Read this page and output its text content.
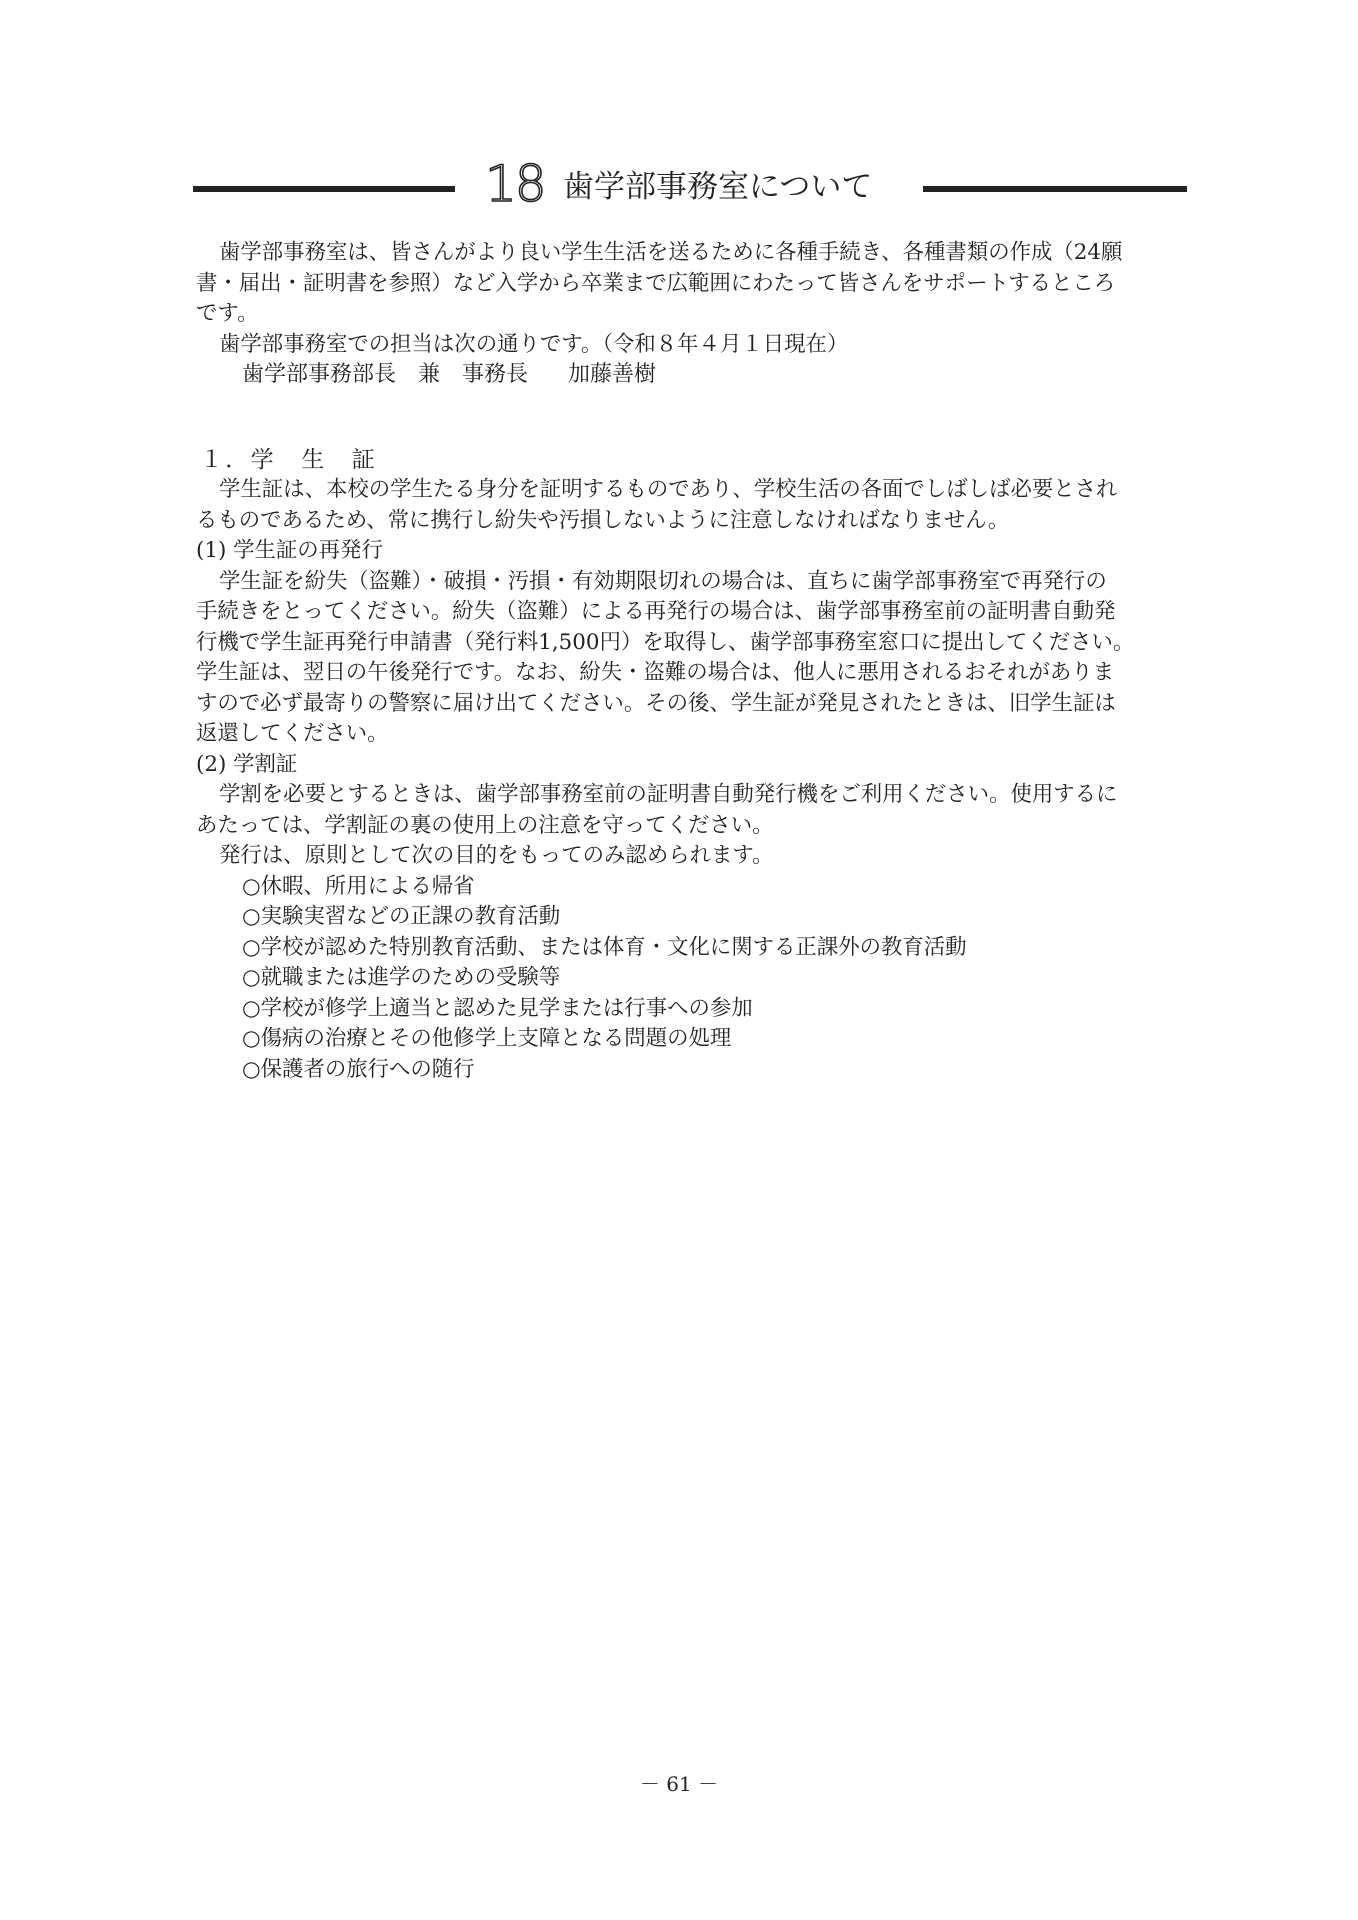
18 歯学部事務室について
歯学部事務室は、皆さんがより良い学生生活を送るために各種手続き、各種書類の作成（24願
書・届出・証明書を参照）など入学から卒業まで広範囲にわたって皆さんをサポートするところ
です。
歯学部事務室での担当は次の通りです。（令和８年４月１日現在）
歯学部事務部長 兼 事務長 加藤善樹
１．学　生　証
学生証は、本校の学生たる身分を証明するものであり、学校生活の各面でしばしば必要とされ
るものであるため、常に携行し紛失や汚損しないように注意しなければなりません。
(1) 学生証の再発行
学生証を紛失（盗難）・破損・汚損・有効期限切れの場合は、直ちに歯学部事務室で再発行の
手続きをとってください。紛失（盗難）による再発行の場合は、歯学部事務室前の証明書自動発
行機で学生証再発行申請書（発行料1,500円）を取得し、歯学部事務室窓口に提出してください。
学生証は、翌日の午後発行です。なお、紛失・盗難の場合は、他人に悪用されるおそれがありま
すので必ず最寄りの警察に届け出てください。その後、学生証が発見されたときは、旧学生証は
返還してください。
(2) 学割証
学割を必要とするときは、歯学部事務室前の証明書自動発行機をご利用ください。使用するに
あたっては、学割証の裏の使用上の注意を守ってください。
発行は、原則として次の目的をもってのみ認められます。
○休暇、所用による帰省
○実験実習などの正課の教育活動
○学校が認めた特別教育活動、または体育・文化に関する正課外の教育活動
○就職または進学のための受験等
○学校が修学上適当と認めた見学または行事への参加
○傷病の治療とその他修学上支障となる問題の処理
○保護者の旅行への随行
－ 61 －
